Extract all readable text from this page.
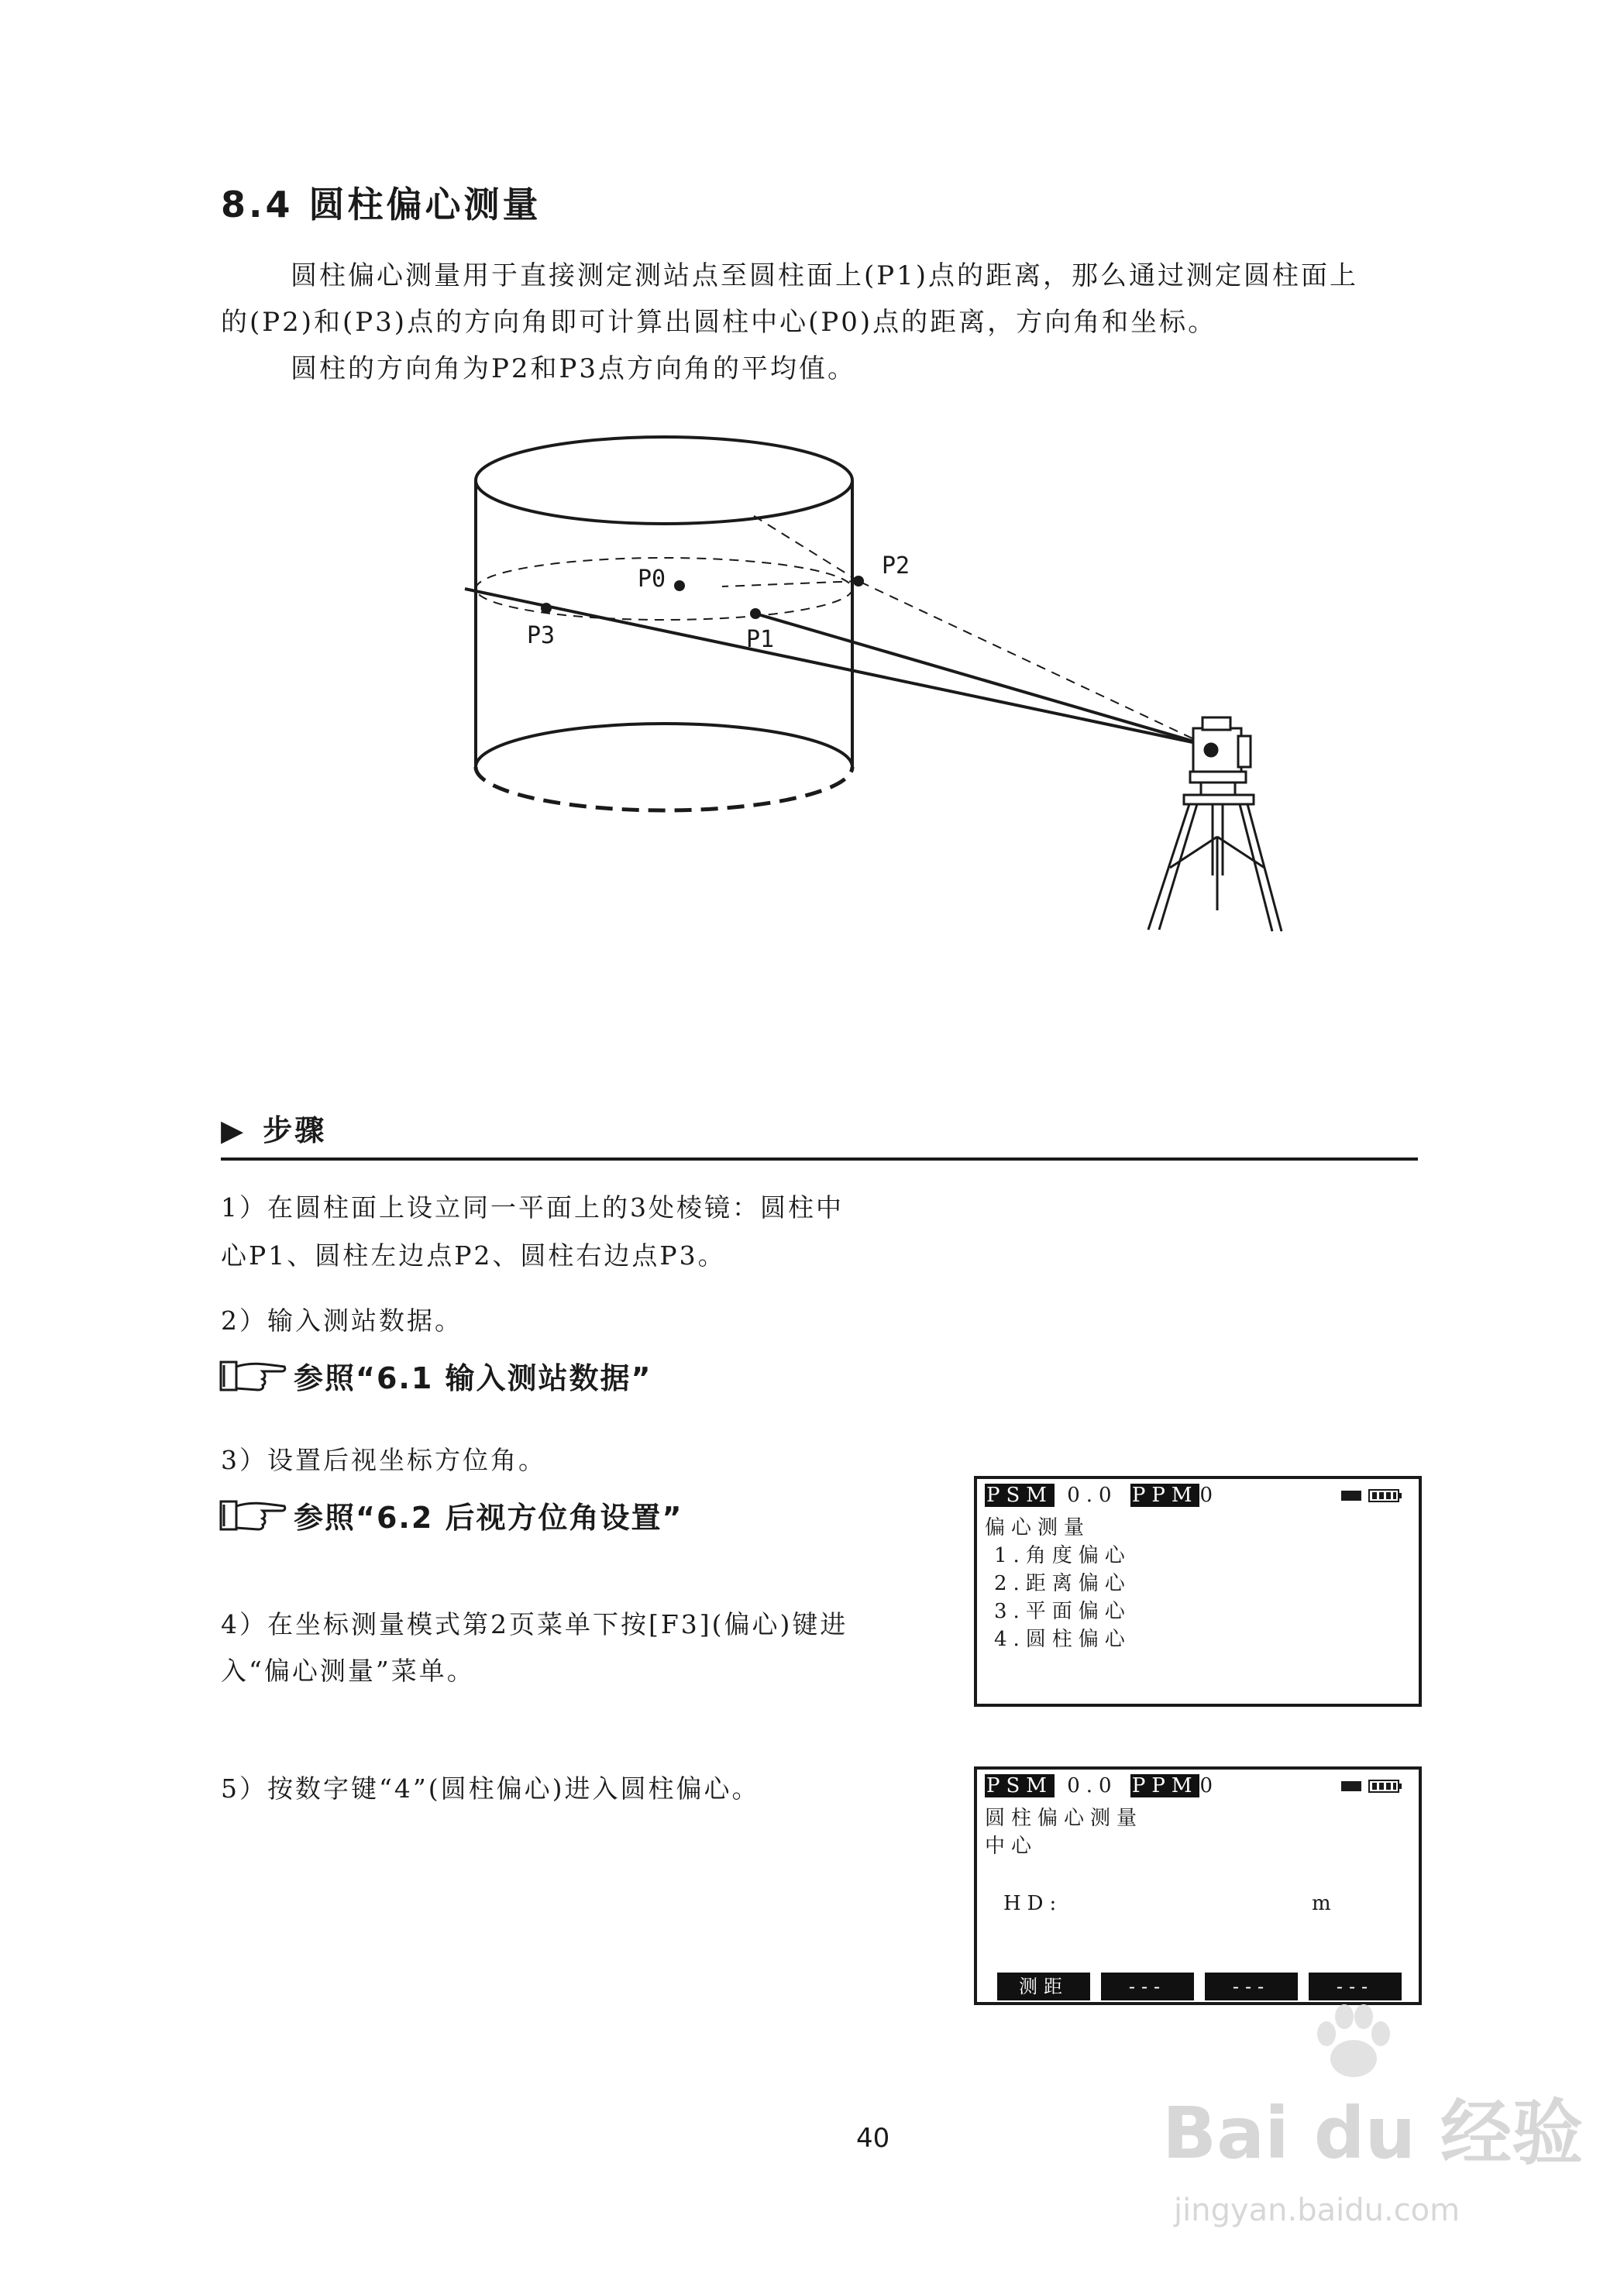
8.4 圆柱偏心测量
圆柱偏心测量用于直接测定测站点至圆柱面上(P1)点的距离，那么通过测定圆柱面上
的(P2)和(P3)点的方向角即可计算出圆柱中心(P0)点的距离，方向角和坐标。
圆柱的方向角为P2和P3点方向角的平均值。
P0
P1
P2
P3
▶ 步骤
1）在圆柱面上设立同一平面上的3处棱镜：圆柱中
心P1、圆柱左边点P2、圆柱右边点P3。
2）输入测站数据。
参照“6.1 输入测站数据”
3）设置后视坐标方位角。
参照“6.2 后视方位角设置”
4）在坐标测量模式第2页菜单下按[F3](偏心)键进
入“偏心测量”菜单。
5）按数字键“4”(圆柱偏心)进入圆柱偏心。
PSM 0.0 PPM0
偏心测量
1.角度偏心
2.距离偏心
3.平面偏心
4.圆柱偏心
PSM 0.0 PPM0
圆柱偏心测量
中心
HD:	m
测距	---	---	---
40	Bai du 经验
jingyan.baidu.com
